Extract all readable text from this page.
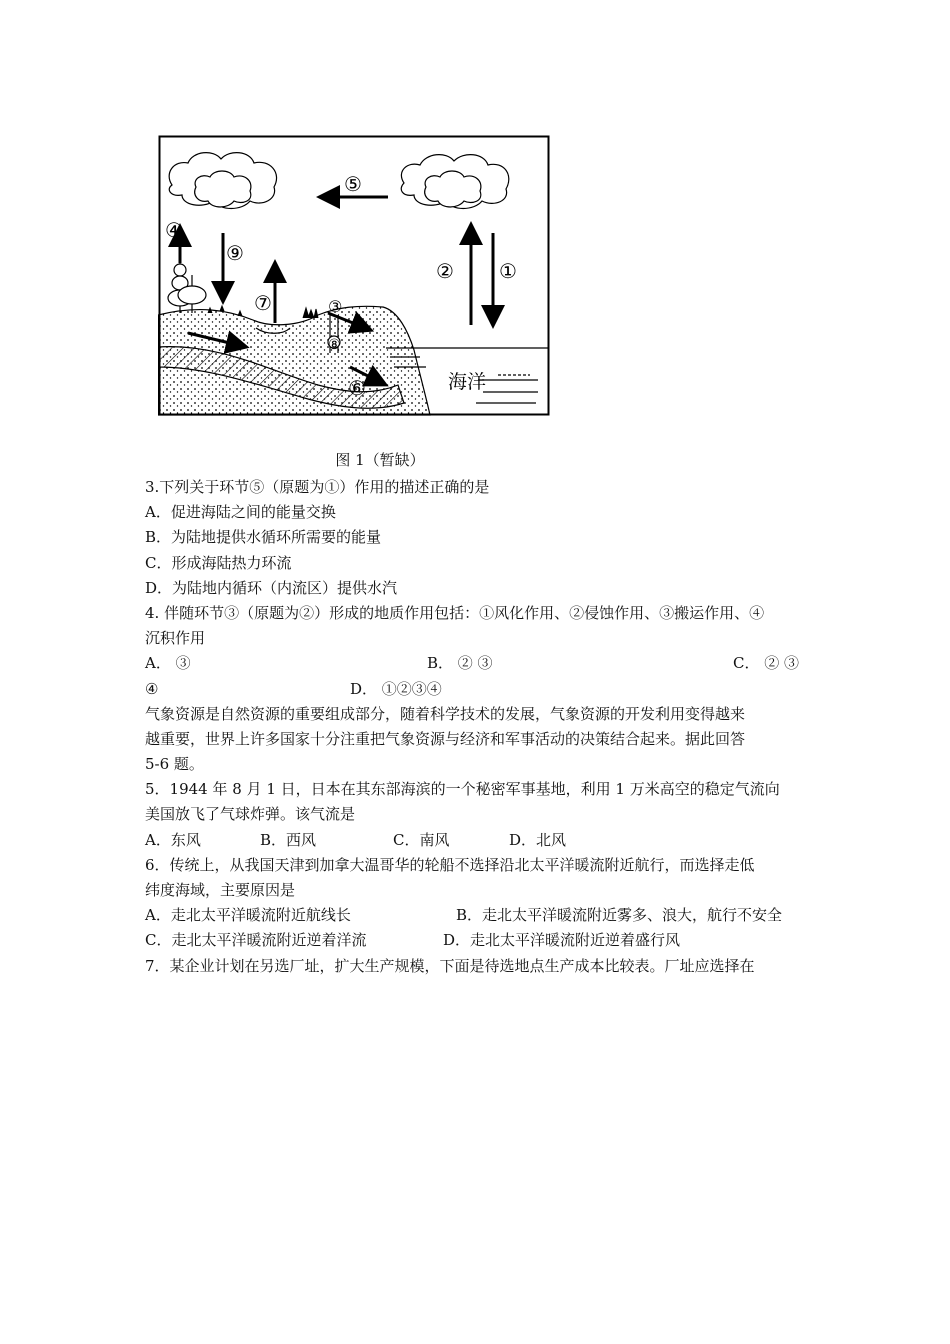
⑤
④
⑨
⑦
② ①
③
⑧
⑥	海洋
图 1（暂缺）
3.下列关于环节⑤（原题为①）作用的描述正确的是
A．促进海陆之间的能量交换
B．为陆地提供水循环所需要的能量
C．形成海陆热力环流
D．为陆地内循环（内流区）提供水汽
4. 伴随环节③（原题为②）形成的地质作用包括：①风化作用、②侵蚀作用、③搬运作用、④
沉积作用
A． ③	B． ② ③	C． ② ③
④	D． ①②③④
气象资源是自然资源的重要组成部分，随着科学技术的发展，气象资源的开发利用变得越来
越重要，世界上许多国家十分注重把气象资源与经济和军事活动的决策结合起来。据此回答
5-6 题。
5．1944 年 8 月 1 日，日本在其东部海滨的一个秘密军事基地，利用 1 万米高空的稳定气流向
美国放飞了气球炸弹。该气流是
A．东风	B．西风	C．南风	D．北风
6．传统上，从我国天津到加拿大温哥华的轮船不选择沿北太平洋暖流附近航行，而选择走低
纬度海域，主要原因是
A．走北太平洋暖流附近航线长	B．走北太平洋暖流附近雾多、浪大，航行不安全
C．走北太平洋暖流附近逆着洋流	D．走北太平洋暖流附近逆着盛行风
7．某企业计划在另选厂址，扩大生产规模，下面是待选地点生产成本比较表。厂址应选择在
